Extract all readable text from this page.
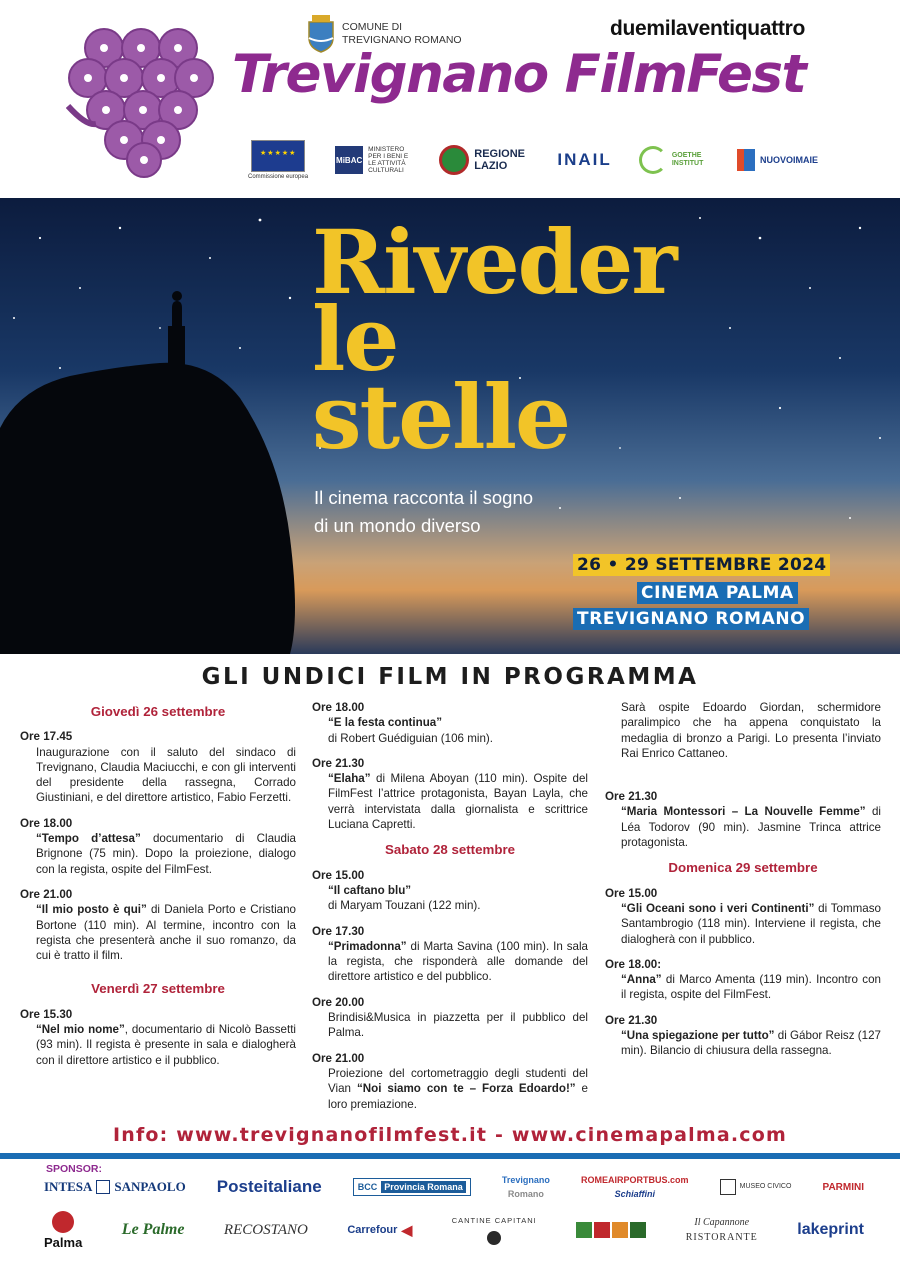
COMUNE DI
TREVIGNANO ROMANO	duemilaventiquattro
Trevignano FilmFest
★★★★★
Commissione europea
MiBAC
MINISTERO PER I BENI E LE ATTIVITÀ CULTURALI
REGIONE LAZIO	INAIL	GOETHE INSTITUT	NUOVOIMAIE
Riveder
le
stelle
Il cinema racconta il sogno
di un mondo diverso
26 • 29 SETTEMBRE 2024
CINEMA PALMA
TREVIGNANO ROMANO
GLI UNDICI FILM IN PROGRAMMA
Giovedì 26 settembre
Ore 17.45
Inaugurazione con il saluto del sindaco di Trevignano, Claudia Maciucchi, e con gli interventi del presidente della rassegna, Corrado Giustiniani, e del direttore artistico, Fabio Ferzetti.
Ore 18.00
“Tempo d’attesa” documentario di Claudia Brignone (75 min). Dopo la proiezione, dialogo con la regista, ospite del FilmFest.
Ore 21.00
“Il mio posto è qui” di Daniela Porto e Cristiano Bortone (110 min). Al termine, incontro con la regista che presenterà anche il suo romanzo, da cui è tratto il film.
Venerdì 27 settembre
Ore 15.30
“Nel mio nome”, documentario di Nicolò Bassetti (93 min). Il regista è presente in sala e dialogherà con il direttore artistico e il pubblico.
Ore 18.00
“E la festa continua”
di Robert Guédiguian (106 min).
Ore 21.30
“Elaha” di Milena Aboyan (110 min). Ospite del FilmFest l’attrice protagonista, Bayan Layla, che verrà intervistata dalla giornalista e scrittrice Luciana Capretti.
Sabato 28 settembre
Ore 15.00
“Il caftano blu”
di Maryam Touzani (122 min).
Ore 17.30
“Primadonna” di Marta Savina (100 min). In sala la regista, che risponderà alle domande del direttore artistico e del pubblico.
Ore 20.00
Brindisi&Musica in piazzetta per il pubblico del Palma.
Ore 21.00
Proiezione del cortometraggio degli studenti del Vian “Noi siamo con te – Forza Edoardo!” e loro premiazione.
Sarà ospite Edoardo Giordan, schermidore paralimpico che ha appena conquistato la medaglia di bronzo a Parigi. Lo presenta l’inviato Rai Enrico Cattaneo.
Ore 21.30
“Maria Montessori – La Nouvelle Femme” di Léa Todorov (90 min). Jasmine Trinca attrice protagonista.
Domenica 29 settembre
Ore 15.00
“Gli Oceani sono i veri Continenti” di Tommaso Santambrogio (118 min). Interviene il regista, che dialogherà con il pubblico.
Ore 18.00:
“Anna” di Marco Amenta (119 min). Incontro con il regista, ospite del FilmFest.
Ore 21.30
“Una spiegazione per tutto” di Gábor Reisz (127 min). Bilancio di chiusura della rassegna.
Info: www.trevignanofilmfest.it - www.cinemapalma.com
SPONSOR:
INTESA SANPAOLO Posteitaliane	BCC Provincia Romana
Trevignano
Romano
ROMEAIRPORTBUS.com
Schiaffini
MUSEO CIVICO	PARMINI
Palma
Le Palme	RECOSTANO	Carrefour ◀
CANTINE CAPITANI	Il Capannone
RISTORANTE lakeprint
